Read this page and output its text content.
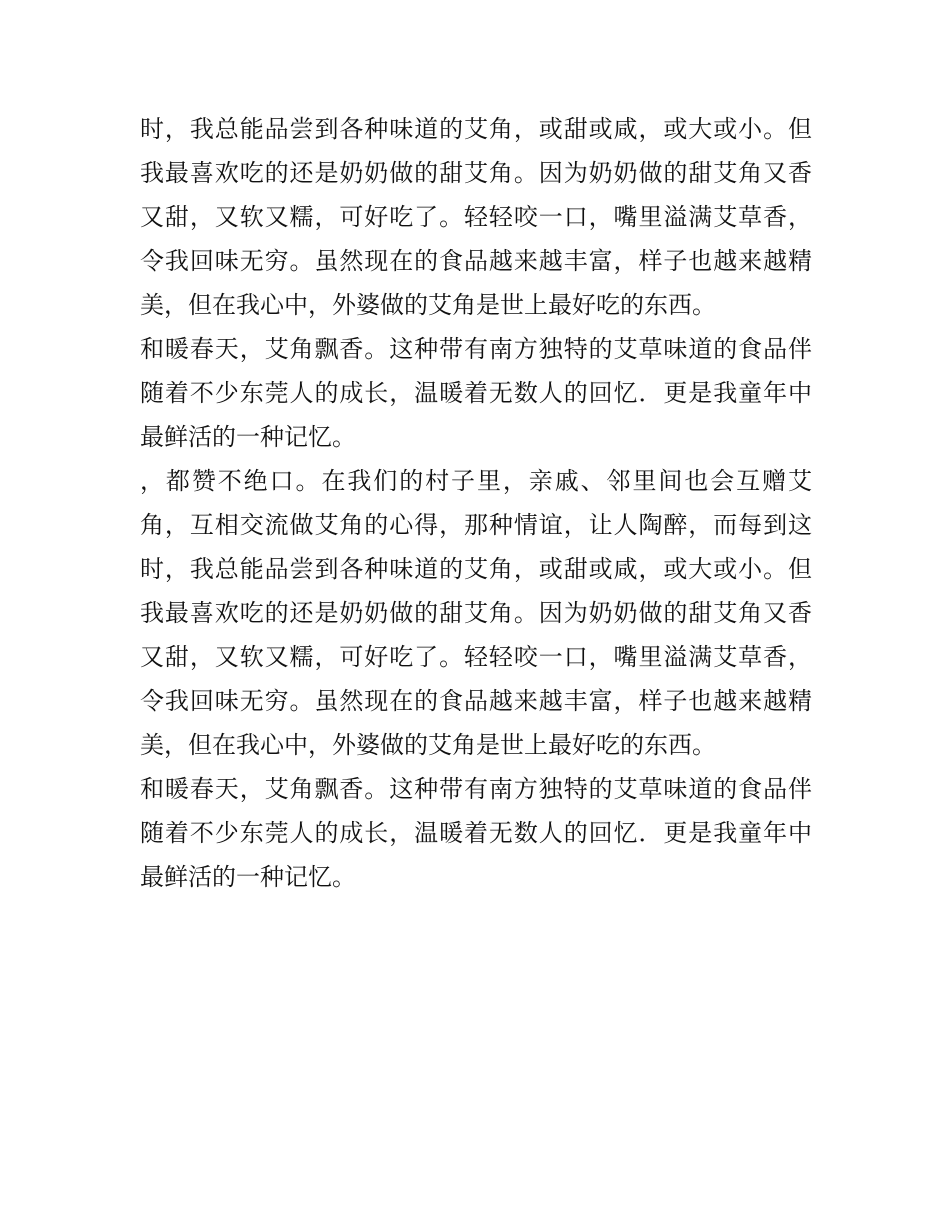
时，我总能品尝到各种味道的艾角，或甜或咸，或大或小。但
我最喜欢吃的还是奶奶做的甜艾角。因为奶奶做的甜艾角又香
又甜，又软又糯，可好吃了。轻轻咬一口，嘴里溢满艾草香，
令我回味无穷。虽然现在的食品越来越丰富，样子也越来越精
美，但在我心中，外婆做的艾角是世上最好吃的东西。
和暖春天，艾角飘香。这种带有南方独特的艾草味道的食品伴
随着不少东莞人的成长，温暖着无数人的回忆．更是我童年中
最鲜活的一种记忆。
，都赞不绝口。在我们的村子里，亲戚、邻里间也会互赠艾
角，互相交流做艾角的心得，那种情谊，让人陶醉，而每到这
时，我总能品尝到各种味道的艾角，或甜或咸，或大或小。但
我最喜欢吃的还是奶奶做的甜艾角。因为奶奶做的甜艾角又香
又甜，又软又糯，可好吃了。轻轻咬一口，嘴里溢满艾草香，
令我回味无穷。虽然现在的食品越来越丰富，样子也越来越精
美，但在我心中，外婆做的艾角是世上最好吃的东西。
和暖春天，艾角飘香。这种带有南方独特的艾草味道的食品伴
随着不少东莞人的成长，温暖着无数人的回忆．更是我童年中
最鲜活的一种记忆。
